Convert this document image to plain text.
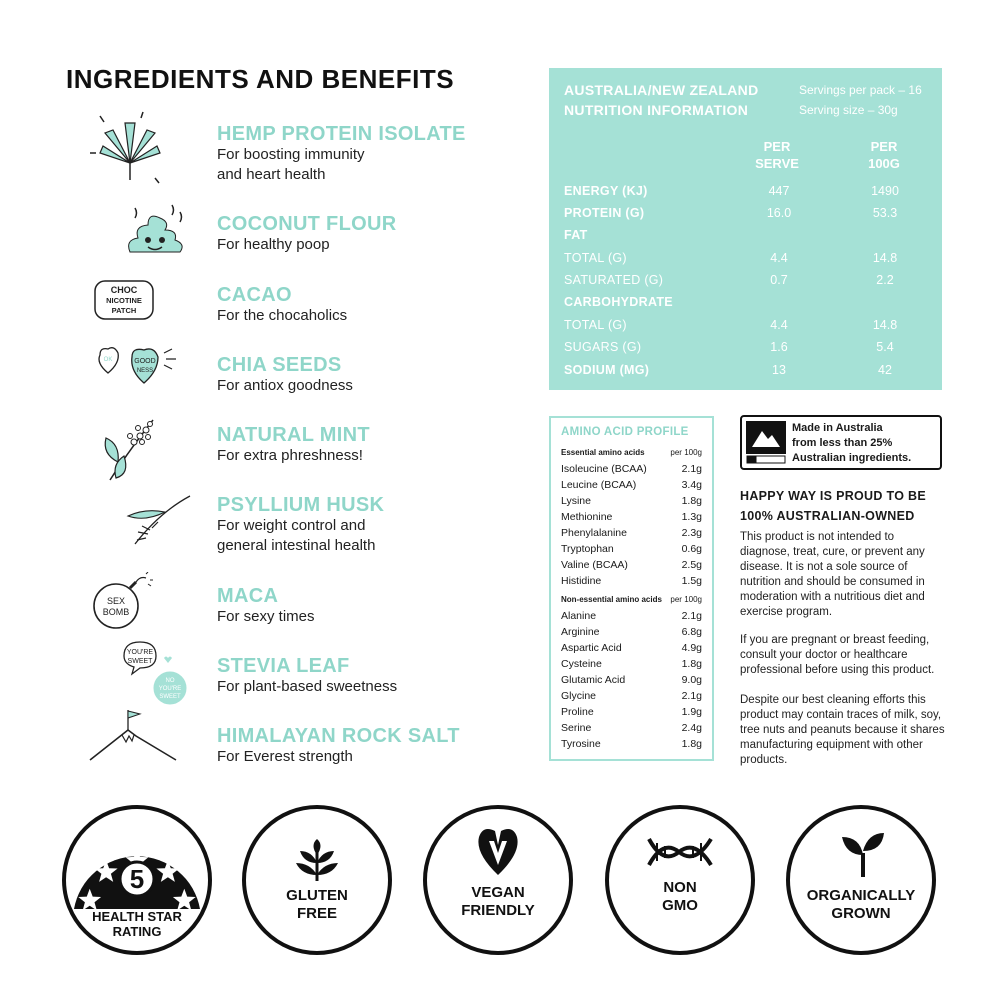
INGREDIENTS AND BENEFITS
CHOC
NICOTINE
PATCH
OK	GOOD
NESS
SEX
BOMB
YOU'RE
SWEET
NO
YOU'RE
SWEET
HEMP PROTEIN ISOLATE
For boosting immunity
and heart health
COCONUT FLOUR
For healthy poop
CACAO
For the chocaholics
CHIA SEEDS
For antiox goodness
NATURAL MINT
For extra phreshness!
PSYLLIUM HUSK
For weight control and
general intestinal health
MACA
For sexy times
STEVIA LEAF
For plant-based sweetness
HIMALAYAN ROCK SALT
For Everest strength
AUSTRALIA/NEW ZEALAND
NUTRITION INFORMATION
Servings per pack – 16
Serving size – 30g
PER
SERVE
PER
100G
ENERGY (KJ)	447	1490
PROTEIN (G)	16.0	53.3
FAT
TOTAL (G)	4.4	14.8
SATURATED (G)	0.7	2.2
CARBOHYDRATE
TOTAL (G)	4.4	14.8
SUGARS (G)	1.6	5.4
SODIUM (MG)	13	42
AMINO ACID PROFILE
Essential amino acids	per 100g
Isoleucine (BCAA)	2.1g
Leucine (BCAA)	3.4g
Lysine	1.8g
Methionine	1.3g
Phenylalanine	2.3g
Tryptophan	0.6g
Valine (BCAA)	2.5g
Histidine	1.5g
Non-essential amino acids per 100g
Alanine	2.1g
Arginine	6.8g
Aspartic Acid	4.9g
Cysteine	1.8g
Glutamic Acid	9.0g
Glycine	2.1g
Proline	1.9g
Serine	2.4g
Tyrosine	1.8g
Made in Australia
from less than 25%
Australian ingredients.
HAPPY WAY IS PROUD TO BE
100% AUSTRALIAN-OWNED
This product is not intended to diagnose, treat, cure, or prevent any disease. It is not a sole source of nutrition and should be consumed in moderation with a nutritious diet and exercise program.
If you are pregnant or breast feeding, consult your doctor or healthcare professional before using this product.
Despite our best cleaning efforts this product may contain traces of milk, soy, tree nuts and peanuts because it shares manufacturing equipment with other products.
5
HEALTH STAR
RATING
GLUTEN
FREE
VEGAN
FRIENDLY
NON
GMO
ORGANICALLY
GROWN
